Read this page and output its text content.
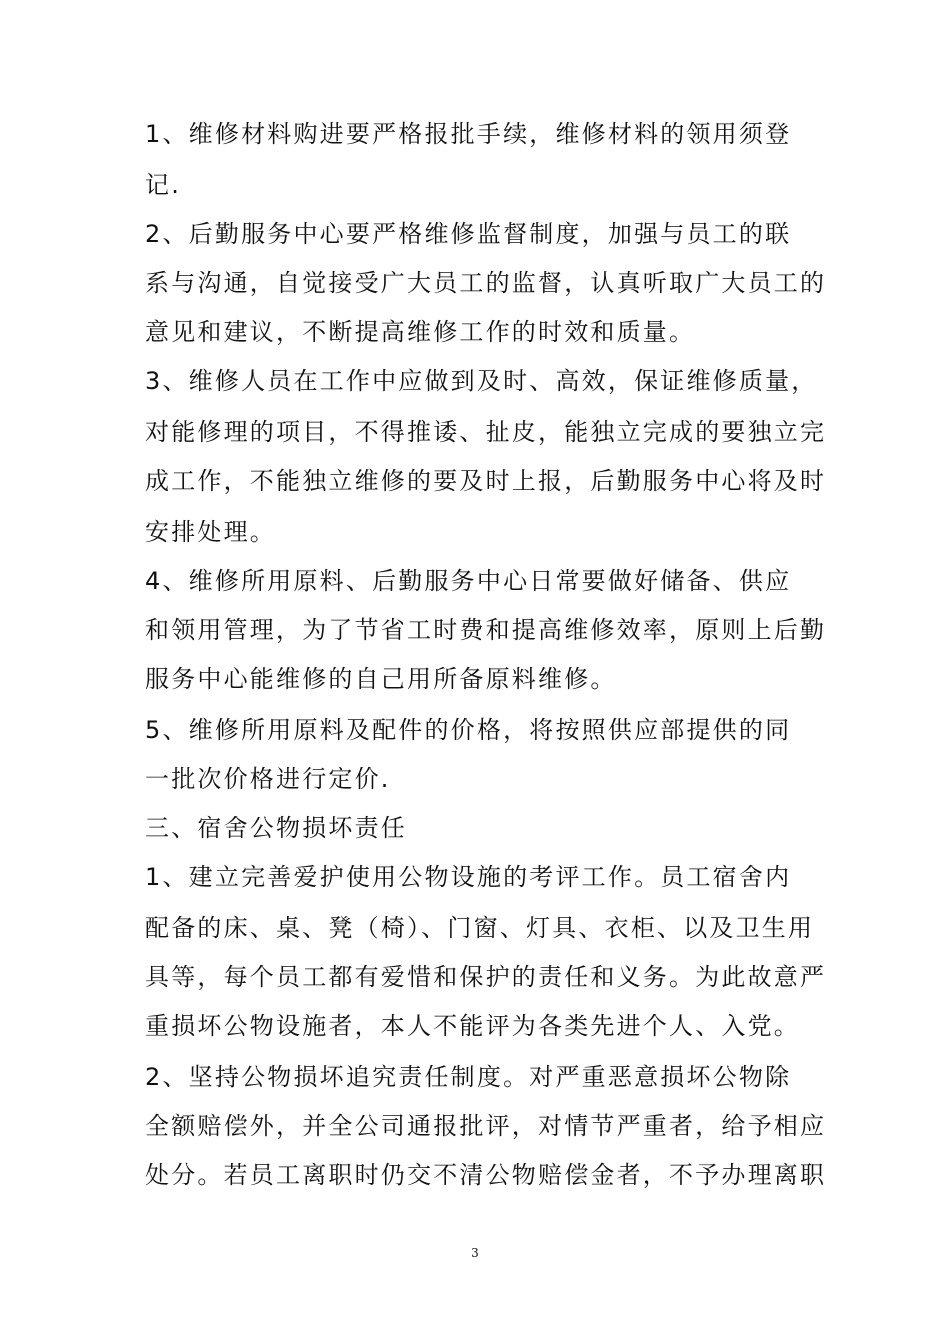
1、维修材料购进要严格报批手续，维修材料的领用须登
记.
2、后勤服务中心要严格维修监督制度，加强与员工的联
系与沟通，自觉接受广大员工的监督，认真听取广大员工的
意见和建议，不断提高维修工作的时效和质量。
3、维修人员在工作中应做到及时、高效，保证维修质量，
对能修理的项目，不得推诿、扯皮，能独立完成的要独立完
成工作，不能独立维修的要及时上报，后勤服务中心将及时
安排处理。
4、维修所用原料、后勤服务中心日常要做好储备、供应
和领用管理，为了节省工时费和提高维修效率，原则上后勤
服务中心能维修的自己用所备原料维修。
5、维修所用原料及配件的价格，将按照供应部提供的同
一批次价格进行定价.
三、宿舍公物损坏责任
1、建立完善爱护使用公物设施的考评工作。员工宿舍内
配备的床、桌、凳（椅）、门窗、灯具、衣柜、以及卫生用
具等，每个员工都有爱惜和保护的责任和义务。为此故意严
重损坏公物设施者，本人不能评为各类先进个人、入党。
2、坚持公物损坏追究责任制度。对严重恶意损坏公物除
全额赔偿外，并全公司通报批评，对情节严重者，给予相应
处分。若员工离职时仍交不清公物赔偿金者，不予办理离职
3
